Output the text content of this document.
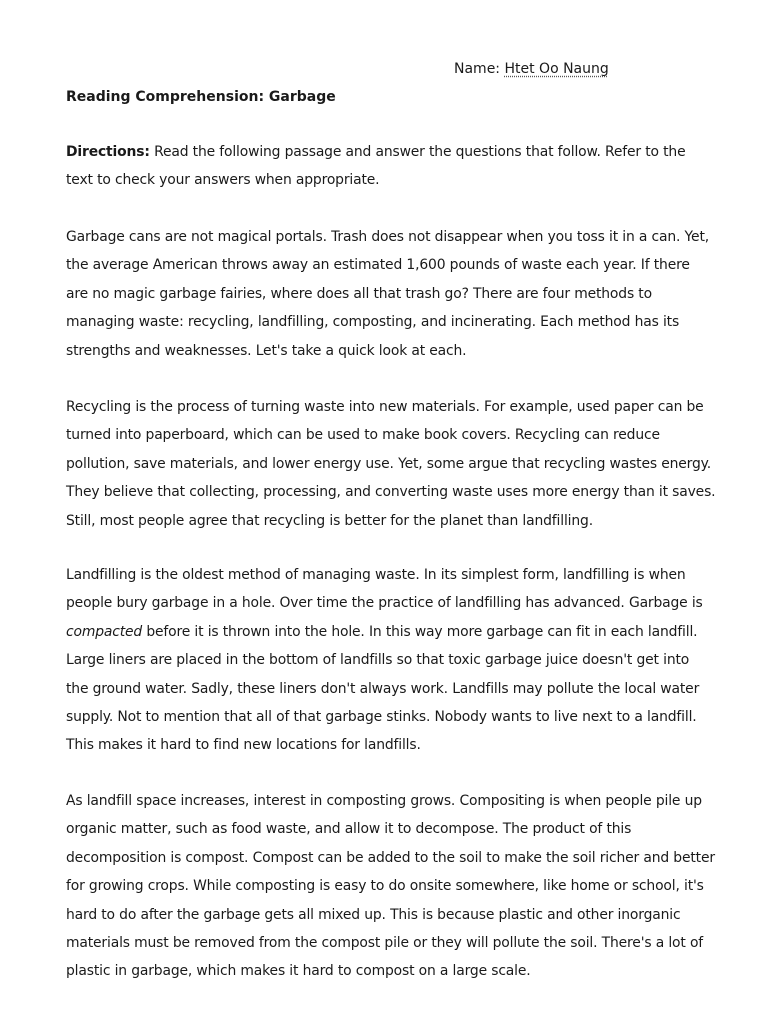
Name: Htet Oo Naung
Reading Comprehension: Garbage

Directions: Read the following passage and answer the questions that follow. Refer to the
text to check your answers when appropriate.

Garbage cans are not magical portals. Trash does not disappear when you toss it in a can. Yet,
the average American throws away an estimated 1,600 pounds of waste each year. If there
are no magic garbage fairies, where does all that trash go? There are four methods to
managing waste: recycling, landfilling, composting, and incinerating. Each method has its
strengths and weaknesses. Let's take a quick look at each.

Recycling is the process of turning waste into new materials. For example, used paper can be
turned into paperboard, which can be used to make book covers. Recycling can reduce
pollution, save materials, and lower energy use. Yet, some argue that recycling wastes energy.
They believe that collecting, processing, and converting waste uses more energy than it saves.
Still, most people agree that recycling is better for the planet than landfilling.

Landfilling is the oldest method of managing waste. In its simplest form, landfilling is when
people bury garbage in a hole. Over time the practice of landfilling has advanced. Garbage is
compacted before it is thrown into the hole. In this way more garbage can fit in each landfill.
Large liners are placed in the bottom of landfills so that toxic garbage juice doesn't get into
the ground water. Sadly, these liners don't always work. Landfills may pollute the local water
supply. Not to mention that all of that garbage stinks. Nobody wants to live next to a landfill.
This makes it hard to find new locations for landfills.

As landfill space increases, interest in composting grows. Compositing is when people pile up
organic matter, such as food waste, and allow it to decompose. The product of this
decomposition is compost. Compost can be added to the soil to make the soil richer and better
for growing crops. While composting is easy to do onsite somewhere, like home or school, it's
hard to do after the garbage gets all mixed up. This is because plastic and other inorganic
materials must be removed from the compost pile or they will pollute the soil. There's a lot of
plastic in garbage, which makes it hard to compost on a large scale.
